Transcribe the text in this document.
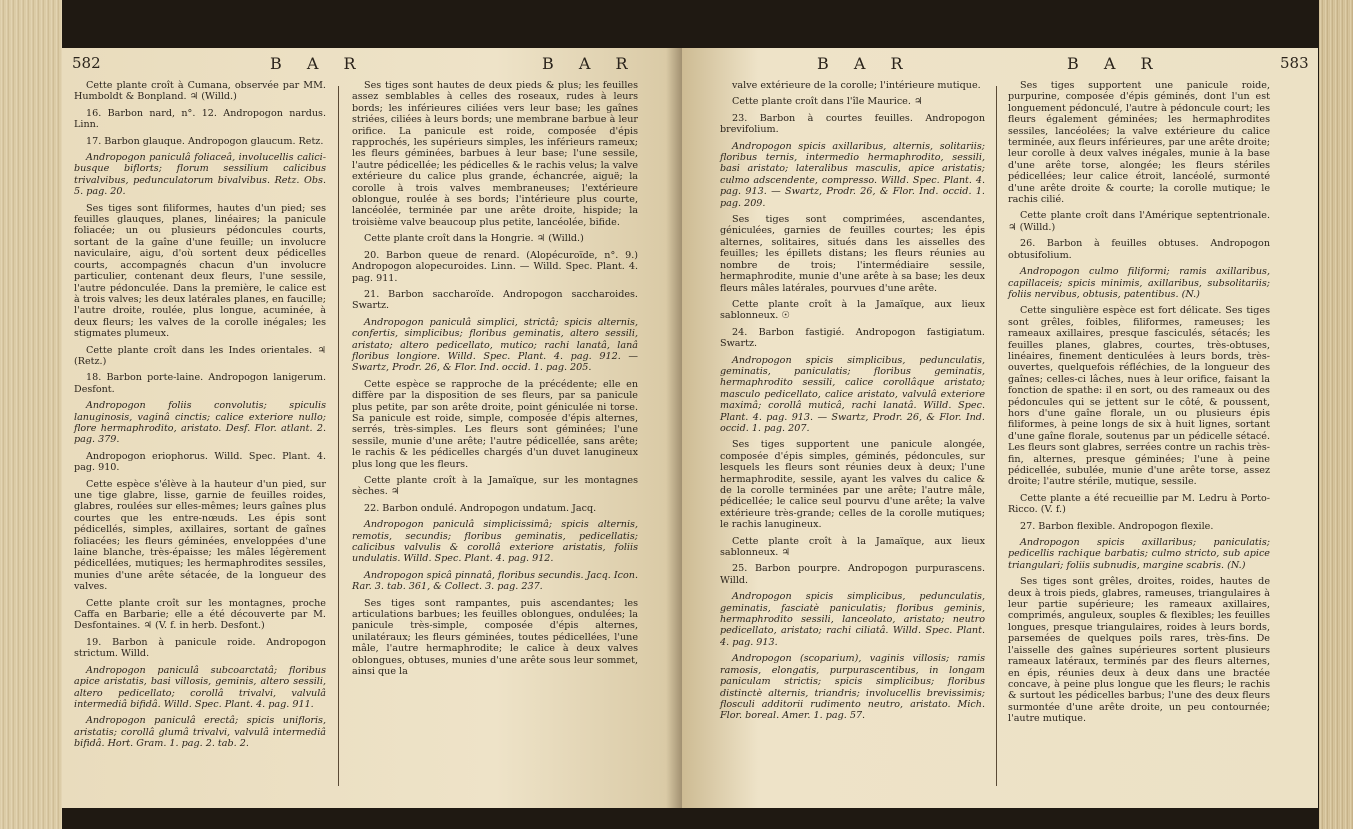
582	B A R	B A R

Cette plante croît à Cumana, observée par MM. Humboldt & Bonpland. ♃ (Willd.)

16. Barbon nard, n°. 12. Andropogon nardus. Linn.

17. Barbon glauque. Andropogon glaucum. Retz.

Andropogon paniculâ foliaceâ, involucellis calici-busque biflorts; florum sessilium calicibus trivalvibus, pedunculatorum bivalvibus. Retz. Obs. 5. pag. 20.

Ses tiges sont filiformes, hautes d'un pied; ses feuilles glauques, planes, linéaires; la panicule foliacée; un ou plusieurs pédoncules courts, sortant de la gaîne d'une feuille; un involucre naviculaire, aigu, d'où sortent deux pédicelles courts, accompagnés chacun d'un involucre particulier, contenant deux fleurs, l'une sessile, l'autre pédonculée. Dans la première, le calice est à trois valves; les deux latérales planes, en faucille; l'autre droite, roulée, plus longue, acuminée, à deux fleurs; les valves de la corolle inégales; les stigmates plumeux.

Cette plante croît dans les Indes orientales. ♃ (Retz.)

18. Barbon porte-laine. Andropogon lanigerum. Desfont.

Andropogon foliis convolutis; spiculis lanuginosis, vaginâ cinctis; calice exteriore nullo; flore hermaphrodito, aristato. Desf. Flor. atlant. 2. pag. 379.

Andropogon eriophorus. Willd. Spec. Plant. 4. pag. 910.

Cette espèce s'élève à la hauteur d'un pied, sur une tige glabre, lisse, garnie de feuilles roides, glabres, roulées sur elles-mêmes; leurs gaînes plus courtes que les entre-nœuds. Les épis sont pédicellés, simples, axillaires, sortant de gaînes foliacées; les fleurs géminées, enveloppées d'une laine blanche, très-épaisse; les mâles légèrement pédicellées, mutiques; les hermaphrodites sessiles, munies d'une arête sétacée, de la longueur des valves.

Cette plante croît sur les montagnes, proche Caffa en Barbarie; elle a été découverte par M. Desfontaines. ♃ (V. f. in herb. Desfont.)

19. Barbon à panicule roide. Andropogon strictum. Willd.

Andropogon paniculâ subcoarctatâ; floribus apice aristatis, basi villosis, geminis, altero sessili, altero pedicellato; corollâ trivalvi, valvulâ intermediâ bifidâ. Willd. Spec. Plant. 4. pag. 911.

Andropogon paniculâ erectâ; spicis unifloris, aristatis; corollâ glumâ trivalvi, valvulâ intermediâ bifidâ. Hort. Gram. 1. pag. 2. tab. 2.

Ses tiges sont hautes de deux pieds & plus; les feuilles assez semblables à celles des roseaux, rudes à leurs bords; les inférieures ciliées vers leur base; les gaînes striées, ciliées à leurs bords; une membrane barbue à leur orifice. La panicule est roide, composée d'épis rapprochés, les supérieurs simples, les inférieurs rameux; les fleurs géminées, barbues à leur base; l'une sessile, l'autre pédicellée; les pédicelles & le rachis velus; la valve extérieure du calice plus grande, échancrée, aiguë; la corolle à trois valves membraneuses; l'extérieure oblongue, roulée à ses bords; l'intérieure plus courte, lancéolée, terminée par une arête droite, hispide; la troisième valve beaucoup plus petite, lancéolée, bifide.

Cette plante croît dans la Hongrie. ♃ (Willd.)

20. Barbon queue de renard. (Alopécuroïde, n°. 9.) Andropogon alopecuroides. Linn. — Willd. Spec. Plant. 4. pag. 911.

21. Barbon saccharoïde. Andropogon saccharoides. Swartz.

Andropogon paniculâ simplici, strictâ; spicis alternis, confertis, simplicibus; floribus geminatis, altero sessili, aristato; altero pedicellato, mutico; rachi lanatâ, lanâ floribus longiore. Willd. Spec. Plant. 4. pag. 912. — Swartz, Prodr. 26, & Flor. Ind. occid. 1. pag. 205.

Cette espèce se rapproche de la précédente; elle en diffère par la disposition de ses fleurs, par sa panicule plus petite, par son arête droite, point géniculée ni torse. Sa panicule est roide, simple, composée d'épis alternes, serrés, très-simples. Les fleurs sont géminées; l'une sessile, munie d'une arête; l'autre pédicellée, sans arête; le rachis & les pédicelles chargés d'un duvet lanugineux plus long que les fleurs.

Cette plante croît à la Jamaïque, sur les montagnes sèches. ♃

22. Barbon ondulé. Andropogon undatum. Jacq.

Andropogon paniculâ simplicissimâ; spicis alternis, remotis, secundis; floribus geminatis, pedicellatis; calicibus valvulis & corollâ exteriore aristatis, foliis undulatis. Willd. Spec. Plant. 4. pag. 912.

Andropogon spicâ pinnatâ, floribus secundis. Jacq. Icon. Rar. 3. tab. 361, & Collect. 3. pag. 237.

Ses tiges sont rampantes, puis ascendantes; les articulations barbues; les feuilles oblongues, ondulées; la panicule très-simple, composée d'épis alternes, unilatéraux; les fleurs géminées, toutes pédicellées, l'une mâle, l'autre hermaphrodite; le calice à deux valves oblongues, obtuses, munies d'une arête sous leur sommet, ainsi que la

B A R	B A R	583

valve extérieure de la corolle; l'intérieure mutique.

Cette plante croît dans l'île Maurice. ♃

23. Barbon à courtes feuilles. Andropogon brevifolium.

Andropogon spicis axillaribus, alternis, solitariis; floribus ternis, intermedio hermaphrodito, sessili, basi aristato; lateralibus masculis, apice aristatis; culmo adscendente, compresso. Willd. Spec. Plant. 4. pag. 913. — Swartz, Prodr. 26, & Flor. Ind. occid. 1. pag. 209.

Ses tiges sont comprimées, ascendantes, géniculées, garnies de feuilles courtes; les épis alternes, solitaires, situés dans les aisselles des feuilles; les épillets distans; les fleurs réunies au nombre de trois; l'intermédiaire sessile, hermaphrodite, munie d'une arête à sa base; les deux fleurs mâles latérales, pourvues d'une arête.

Cette plante croît à la Jamaïque, aux lieux sablonneux. ☉

24. Barbon fastigié. Andropogon fastigiatum. Swartz.

Andropogon spicis simplicibus, pedunculatis, geminatis, paniculatis; floribus geminatis, hermaphrodito sessili, calice corollâque aristato; masculo pedicellato, calice aristato, valvulâ exteriore maximâ; corollâ muticâ, rachi lanatâ. Willd. Spec. Plant. 4. pag. 913. — Swartz, Prodr. 26, & Flor. Ind. occid. 1. pag. 207.

Ses tiges supportent une panicule alongée, composée d'épis simples, géminés, pédoncules, sur lesquels les fleurs sont réunies deux à deux; l'une hermaphrodite, sessile, ayant les valves du calice & de la corolle terminées par une arête; l'autre mâle, pédicellée; le calice seul pourvu d'une arête; la valve extérieure très-grande; celles de la corolle mutiques; le rachis lanugineux.

Cette plante croît à la Jamaïque, aux lieux sablonneux. ♃

25. Barbon pourpre. Andropogon purpurascens. Willd.

Andropogon spicis simplicibus, pedunculatis, geminatis, fasciatè paniculatis; floribus geminis, hermaphrodito sessili, lanceolato, aristato; neutro pedicellato, aristato; rachi ciliatâ. Willd. Spec. Plant. 4. pag. 913.

Andropogon (scoparium), vaginis villosis; ramis ramosis, elongatis, purpurascentibus, in longam paniculam strictis; spicis simplicibus; floribus distinctè alternis, triandris; involucellis brevissimis; flosculi additorii rudimento neutro, aristato. Mich. Flor. boreal. Amer. 1. pag. 57.

Ses tiges supportent une panicule roide, purpurine, composée d'épis géminés, dont l'un est longuement pédonculé, l'autre à pédoncule court; les fleurs également géminées; les hermaphrodites sessiles, lancéolées; la valve extérieure du calice terminée, aux fleurs inférieures, par une arête droite; leur corolle à deux valves inégales, munie à la base d'une arête torse, alongée; les fleurs stériles pédicellées; leur calice étroit, lancéolé, surmonté d'une arête droite & courte; la corolle mutique; le rachis cilié.

Cette plante croît dans l'Amérique septentrionale. ♃ (Willd.)

26. Barbon à feuilles obtuses. Andropogon obtusifolium.

Andropogon culmo filiformi; ramis axillaribus, capillaceis; spicis minimis, axillaribus, subsolitariis; foliis nervibus, obtusis, patentibus. (N.)

Cette singulière espèce est fort délicate. Ses tiges sont grêles, foibles, filiformes, rameuses; les rameaux axillaires, presque fasciculés, sétacés; les feuilles planes, glabres, courtes, très-obtuses, linéaires, finement denticulées à leurs bords, très-ouvertes, quelquefois réfléchies, de la longueur des gaînes; celles-ci lâches, nues à leur orifice, faisant la fonction de spathe: il en sort, ou des rameaux ou des pédoncules qui se jettent sur le côté, & poussent, hors d'une gaîne florale, un ou plusieurs épis filiformes, à peine longs de six à huit lignes, sortant d'une gaîne florale, soutenus par un pédicelle sétacé. Les fleurs sont glabres, serrées contre un rachis très-fin, alternes, presque géminées; l'une à peine pédicellée, subulée, munie d'une arête torse, assez droite; l'autre stérile, mutique, sessile.

Cette plante a été recueillie par M. Ledru à Porto-Ricco. (V. f.)

27. Barbon flexible. Andropogon flexile.

Andropogon spicis axillaribus; paniculatis; pedicellis rachique barbatis; culmo stricto, sub apice triangulari; foliis subnudis, margine scabris. (N.)

Ses tiges sont grêles, droites, roides, hautes de deux à trois pieds, glabres, rameuses, triangulaires à leur partie supérieure; les rameaux axillaires, comprimés, anguleux, souples & flexibles; les feuilles longues, presque triangulaires, roides à leurs bords, parsemées de quelques poils rares, très-fins. De l'aisselle des gaînes supérieures sortent plusieurs rameaux latéraux, terminés par des fleurs alternes, en épis, réunies deux à deux dans une bractée concave, à peine plus longue que les fleurs; le rachis & surtout les pédicelles barbus; l'une des deux fleurs surmontée d'une arête droite, un peu contournée; l'autre mutique.
